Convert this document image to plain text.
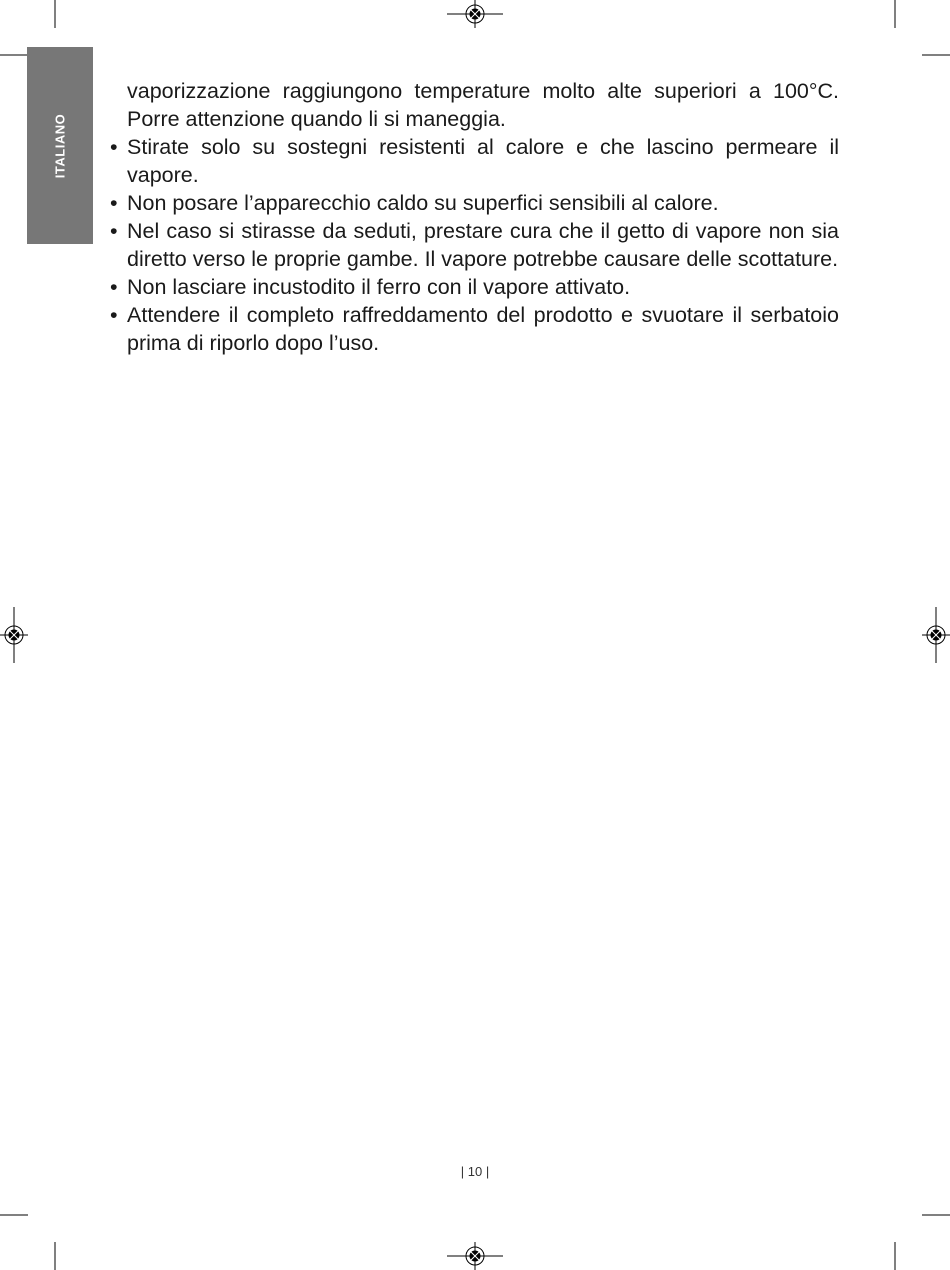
ITALIANO

vaporizzazione raggiungono temperature molto alte superiori a 100°C. Porre attenzione quando li si maneggia.

• Stirate solo su sostegni resistenti al calore e che lascino permeare il vapore.
• Non posare l’apparecchio caldo su superfici sensibili al calore.
• Nel caso si stirasse da seduti, prestare cura che il getto di vapore non sia diretto verso le proprie gambe. Il vapore potrebbe causare delle scottature.
• Non lasciare incustodito il ferro con il vapore attivato.
• Attendere il completo raffreddamento del prodotto e svuotare il serbatoio prima di riporlo dopo l’uso.
| 10 |
